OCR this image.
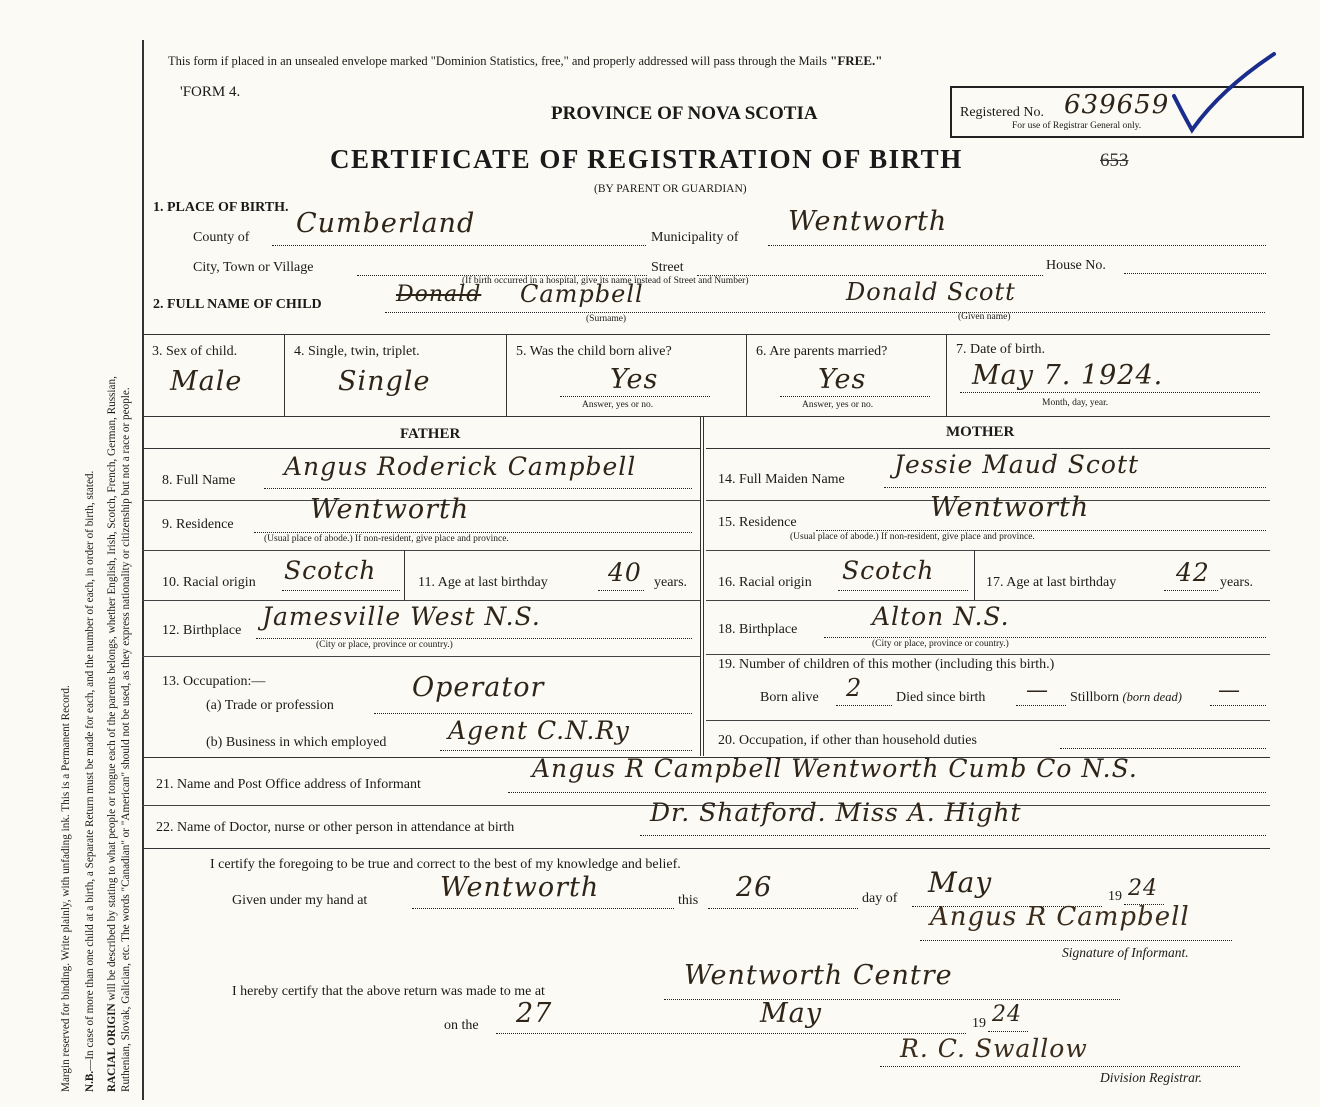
Margin reserved for binding. Write plainly, with unfading ink. This is a Permanent Record. N.B.—In case of more than one child at a birth, a Separate Return must be made for each, and the number of each, in order of birth, stated. RACIAL ORIGIN will be described by stating to what people or tongue each of the parents belongs, whether English, Irish, Scotch, French, German, Russian, Ruthenian, Slovak, Galician, etc. The words "Canadian" or "American" should not be used, as they express nationality or citizenship but not a race or people.
This form if placed in an unsealed envelope marked "Dominion Statistics, free," and properly addressed will pass through the Mails "FREE."
'FORM 4.
PROVINCE OF NOVA SCOTIA
CERTIFICATE OF REGISTRATION OF BIRTH
(BY PARENT OR GUARDIAN)
653
Registered No. 639659
For use of Registrar General only.
1. PLACE OF BIRTH.
County of Cumberland	Municipality of
Wentworth
City, Town or Village	Street	House No.
(If birth occurred in a hospital, give its name instead of Street and Number)
2. FULL NAME OF CHILD	Donald Campbell
(Surname)
Donald Scott
(Given name)
3. Sex of child.
Male
4. Single, twin, triplet.
Single
5. Was the child born alive?
Yes
Answer, yes or no.
6. Are parents married?
Yes
Answer, yes or no.
7. Date of birth.
May 7. 1924.
Month, day, year.
FATHER	MOTHER
8. Full Name Angus Roderick Campbell
9. Residence	Wentworth
(Usual place of abode.) If non-resident, give place and province.
10. Racial origin Scotch	11. Age at last birthday 40 years.
12. Birthplace Jamesville West N.S.
(City or place, province or country.)
13. Occupation:—
(a) Trade or profession
Operator
(b) Business in which employed Agent C.N.Ry
14. Full Maiden Name
Jessie Maud Scott
15. Residence	Wentworth
(Usual place of abode.) If non-resident, give place and province.
16. Racial origin Scotch	17. Age at last birthday 42 years.
18. Birthplace	Alton N.S.
(City or place, province or country.)
19. Number of children of this mother (including this birth.)
Born alive 2 Died since birth — Stillborn (born dead) —
20. Occupation, if other than household duties
21. Name and Post Office address of Informant
Angus R Campbell Wentworth Cumb Co N.S.
22. Name of Doctor, nurse or other person in attendance at birth
Dr. Shatford. Miss A. Hight
I certify the foregoing to be true and correct to the best of my knowledge and belief.
Given under my hand at	Wentworth	this 26	day of May	19 24
Angus R Campbell
Signature of Informant.
I hereby certify that the above return was made to me at
Wentworth Centre
on the 27	May	19 24
R. C. Swallow
Division Registrar.
